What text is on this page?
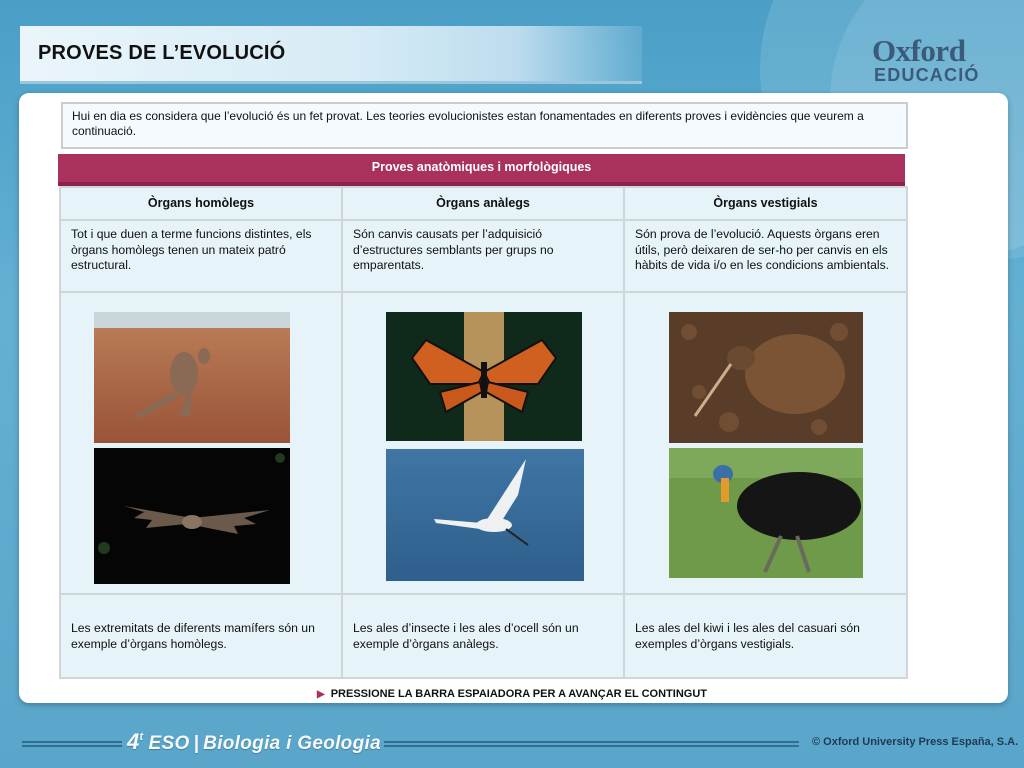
PROVES DE L’EVOLUCIÓ	Oxford
EDUCACIÓ
Hui en dia es considera que l’evolució és un fet provat. Les teories evolucionistes estan fonamentades en diferents proves i evidències que veurem a continuació.
Proves anatòmiques i morfològiques
Òrgans homòlegs	Òrgans anàlegs	Òrgans vestigials
Tot i que duen a terme funcions distintes, els òrgans homòlegs tenen un mateix patró estructural.	Són canvis causats per l’adquisició d’estructures semblants per grups no emparentats.	Són prova de l’evolució. Aquests òrgans eren útils, però deixaren de ser-ho per canvis en els hàbits de vida i/o en les condicions ambientals.

Les extremitats de diferents mamífers són un exemple d’òrgans homòlegs.	Les ales d’insecte i les ales d’ocell són un exemple d’òrgans anàlegs.	Les ales del kiwi i les ales del casuari són exemples d’òrgans vestigials.
▶ PRESSIONE LA BARRA ESPAIADORA PER A AVANÇAR EL CONTINGUT
4$^t$ ESO | Biologia i Geologia	© Oxford University Press España, S.A.
